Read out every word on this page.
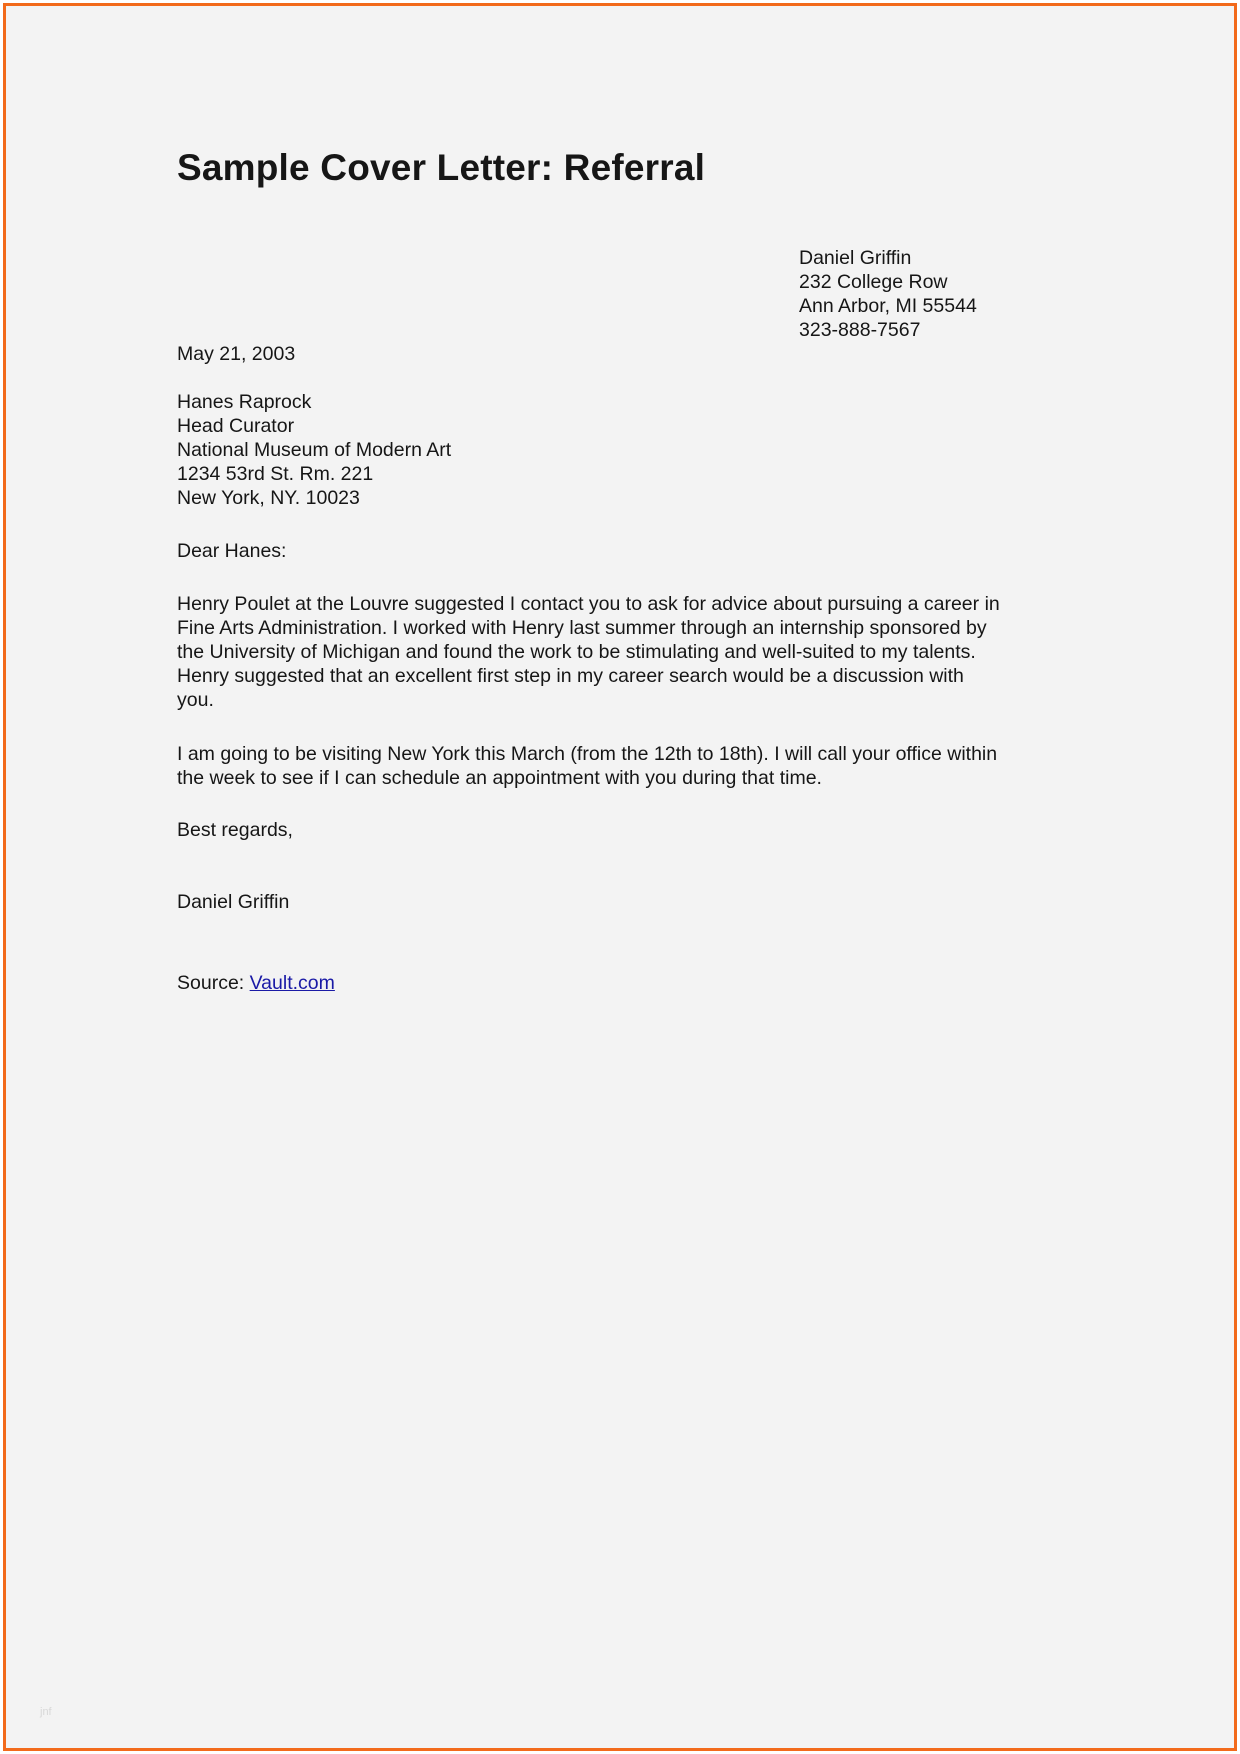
Sample Cover Letter: Referral

Daniel Griffin

232 College Row

Ann Arbor, MI 55544

323-888-7567

May 21, 2003

Hanes Raprock

Head Curator

National Museum of Modern Art

1234 53rd St. Rm. 221

New York, NY. 10023

Dear Hanes:

Henry Poulet at the Louvre suggested I contact you to ask for advice about pursuing a career in

Fine Arts Administration. I worked with Henry last summer through an internship sponsored by

the University of Michigan and found the work to be stimulating and well-suited to my talents.

Henry suggested that an excellent first step in my career search would be a discussion with

you.

I am going to be visiting New York this March (from the 12th to 18th). I will call your office within

the week to see if I can schedule an appointment with you during that time.

Best regards,

Daniel Griffin

Source: Vault.com

jnf
